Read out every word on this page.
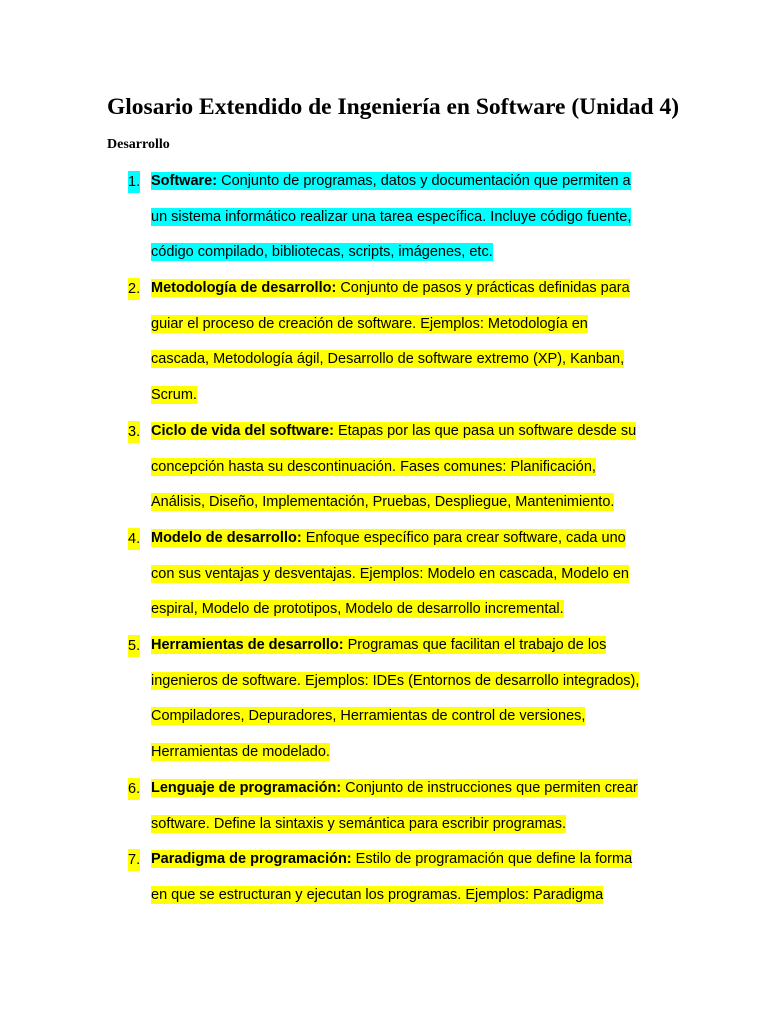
Glosario Extendido de Ingeniería en Software (Unidad 4)
Desarrollo
1. Software: Conjunto de programas, datos y documentación que permiten a
un sistema informático realizar una tarea específica. Incluye código fuente,
código compilado, bibliotecas, scripts, imágenes, etc.
2. Metodología de desarrollo: Conjunto de pasos y prácticas definidas para
guiar el proceso de creación de software. Ejemplos: Metodología en
cascada, Metodología ágil, Desarrollo de software extremo (XP), Kanban,
Scrum.
3. Ciclo de vida del software: Etapas por las que pasa un software desde su
concepción hasta su descontinuación. Fases comunes: Planificación,
Análisis, Diseño, Implementación, Pruebas, Despliegue, Mantenimiento.
4. Modelo de desarrollo: Enfoque específico para crear software, cada uno
con sus ventajas y desventajas. Ejemplos: Modelo en cascada, Modelo en
espiral, Modelo de prototipos, Modelo de desarrollo incremental.
5. Herramientas de desarrollo: Programas que facilitan el trabajo de los
ingenieros de software. Ejemplos: IDEs (Entornos de desarrollo integrados),
Compiladores, Depuradores, Herramientas de control de versiones,
Herramientas de modelado.
6. Lenguaje de programación: Conjunto de instrucciones que permiten crear
software. Define la sintaxis y semántica para escribir programas.
7. Paradigma de programación: Estilo de programación que define la forma
en que se estructuran y ejecutan los programas. Ejemplos: Paradigma
